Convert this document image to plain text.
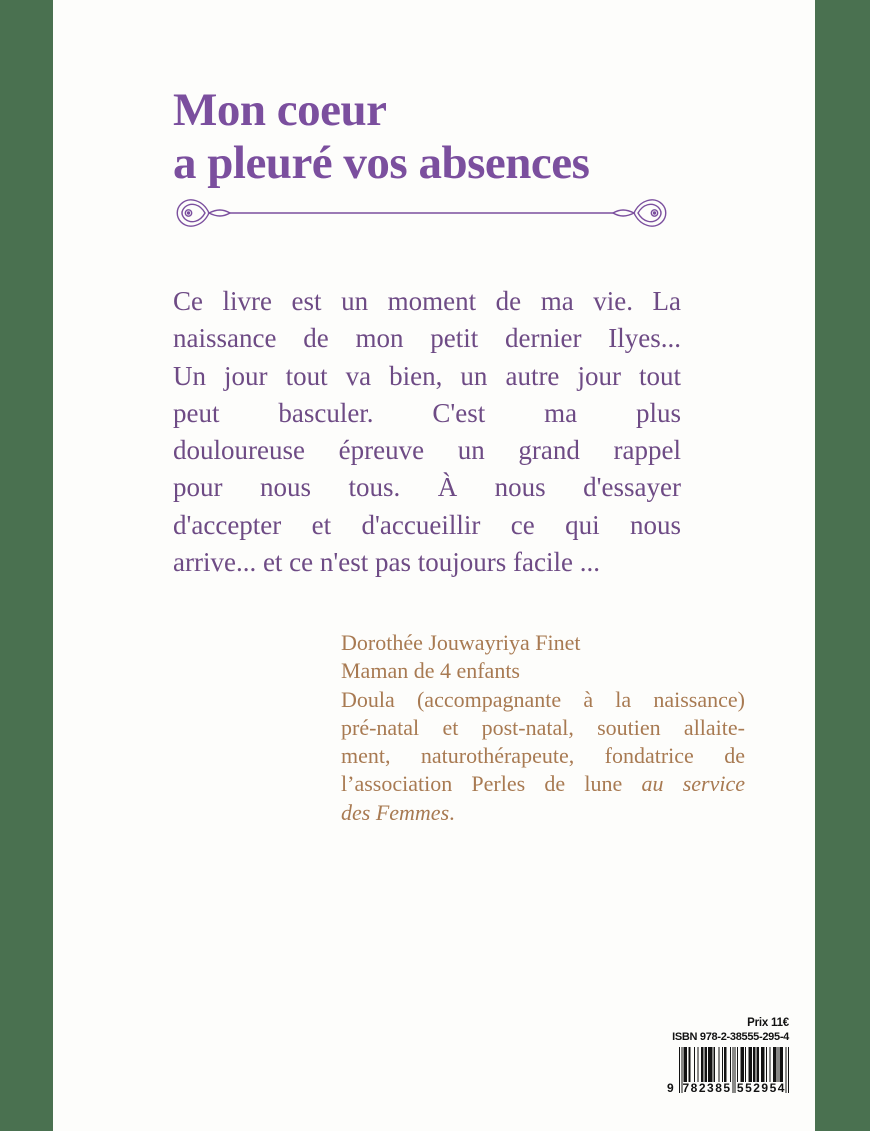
Mon coeur
a pleuré vos absences
Ce livre est un moment de ma vie. La
naissance de mon petit dernier Ilyes...
Un jour tout va bien, un autre jour tout
peut basculer. C'est ma plus
douloureuse épreuve un grand rappel
pour nous tous. À nous d'essayer
d'accepter et d'accueillir ce qui nous
arrive... et ce n'est pas toujours facile ...
Dorothée Jouwayriya Finet
Maman de 4 enfants
Doula (accompagnante à la naissance)
pré-natal et post-natal, soutien allaite-
ment, naturothérapeute, fondatrice de
l’association Perles de lune au service
des Femmes.
Prix 11€
ISBN 978-2-38555-295-4
9 782385 552954
